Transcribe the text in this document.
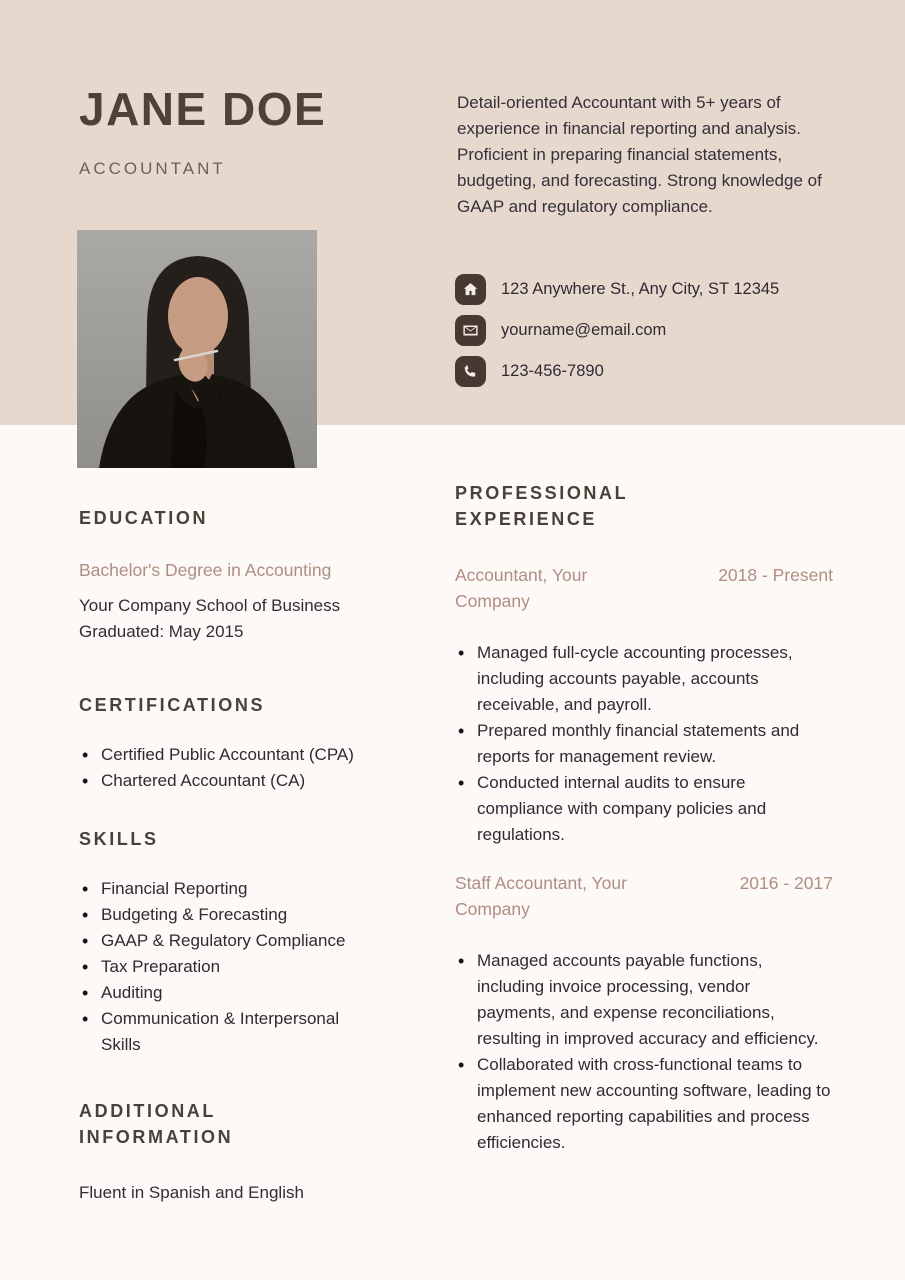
JANE DOE
ACCOUNTANT
Detail-oriented Accountant with 5+ years of experience in financial reporting and analysis. Proficient in preparing financial statements, budgeting, and forecasting. Strong knowledge of GAAP and regulatory compliance.
123 Anywhere St., Any City, ST 12345
yourname@email.com
123-456-7890
EDUCATION
Bachelor's Degree in Accounting
Your Company School of Business
Graduated: May 2015
CERTIFICATIONS
• Certified Public Accountant (CPA)
• Chartered Accountant (CA)
SKILLS
• Financial Reporting
• Budgeting & Forecasting
• GAAP & Regulatory Compliance
• Tax Preparation
• Auditing
• Communication & Interpersonal Skills
ADDITIONAL INFORMATION
Fluent in Spanish and English
PROFESSIONAL EXPERIENCE
Accountant, Your Company
2018 - Present
• Managed full-cycle accounting processes, including accounts payable, accounts receivable, and payroll.
• Prepared monthly financial statements and reports for management review.
• Conducted internal audits to ensure compliance with company policies and regulations.
Staff Accountant, Your Company
2016 - 2017
• Managed accounts payable functions, including invoice processing, vendor payments, and expense reconciliations, resulting in improved accuracy and efficiency.
• Collaborated with cross-functional teams to implement new accounting software, leading to enhanced reporting capabilities and process efficiencies.
